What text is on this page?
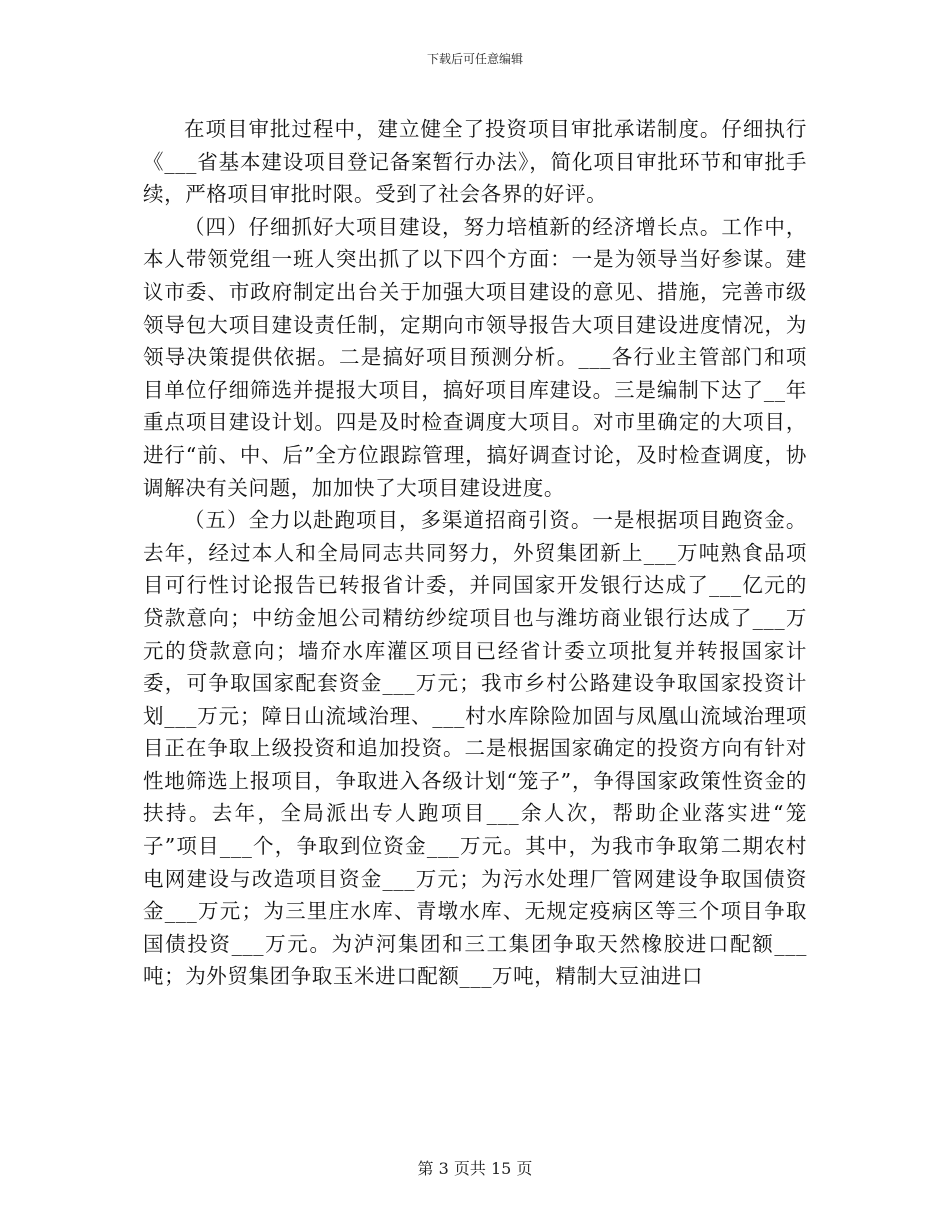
下载后可任意编辑

在项目审批过程中，建立健全了投资项目审批承诺制度。仔细执行《___省基本建设项目登记备案暂行办法》，简化项目审批环节和审批手续，严格项目审批时限。受到了社会各界的好评。

（四）仔细抓好大项目建设，努力培植新的经济增长点。工作中，本人带领党组一班人突出抓了以下四个方面：一是为领导当好参谋。建议市委、市政府制定出台关于加强大项目建设的意见、措施，完善市级领导包大项目建设责任制，定期向市领导报告大项目建设进度情况，为领导决策提供依据。二是搞好项目预测分析。___各行业主管部门和项目单位仔细筛选并提报大项目，搞好项目库建设。三是编制下达了__年重点项目建设计划。四是及时检查调度大项目。对市里确定的大项目，进行“前、中、后”全方位跟踪管理，搞好调查讨论，及时检查调度，协调解决有关问题，加加快了大项目建设进度。

（五）全力以赴跑项目，多渠道招商引资。一是根据项目跑资金。去年，经过本人和全局同志共同努力，外贸集团新上___万吨熟食品项目可行性讨论报告已转报省计委，并同国家开发银行达成了___亿元的贷款意向；中纺金旭公司精纺纱绽项目也与潍坊商业银行达成了___万元的贷款意向；墙夼水库灌区项目已经省计委立项批复并转报国家计委，可争取国家配套资金___万元；我市乡村公路建设争取国家投资计划___万元；障日山流域治理、___村水库除险加固与凤凰山流域治理项目正在争取上级投资和追加投资。二是根据国家确定的投资方向有针对性地筛选上报项目，争取进入各级计划“笼子”，争得国家政策性资金的扶持。去年，全局派出专人跑项目___余人次，帮助企业落实进“笼子”项目___个，争取到位资金___万元。其中，为我市争取第二期农村电网建设与改造项目资金___万元；为污水处理厂管网建设争取国债资金___万元；为三里庄水库、青墩水库、无规定疫病区等三个项目争取国债投资___万元。为泸河集团和三工集团争取天然橡胶进口配额___吨；为外贸集团争取玉米进口配额___万吨，精制大豆油进口

第 3 页共 15 页
